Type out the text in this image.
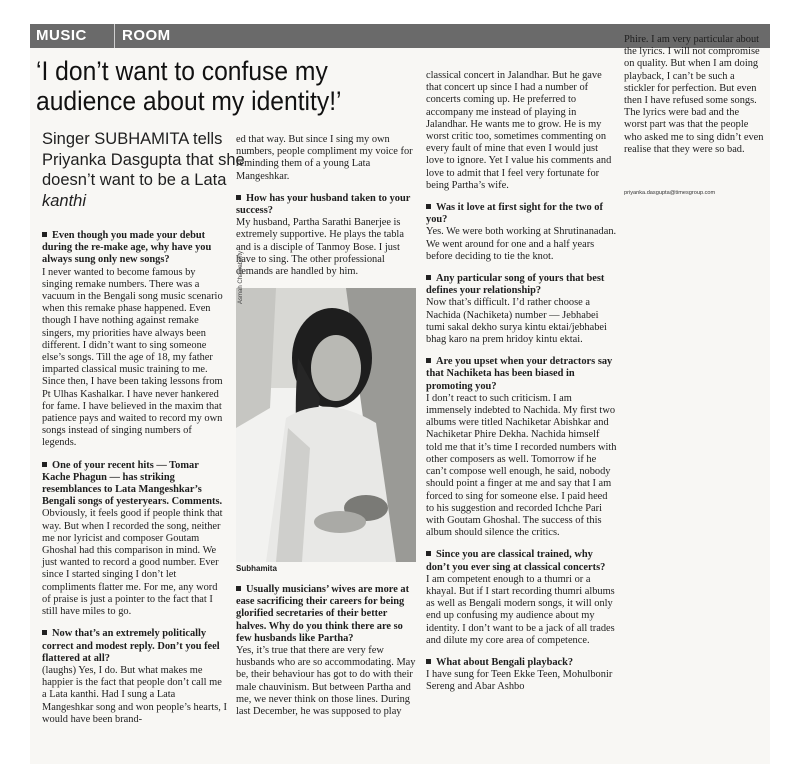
MUSIC ROOM
‘I don’t want to confuse my audience about my identity!’
Singer SUBHAMITA tells Priyanka Dasgupta that she doesn’t want to be a Lata kanthi

Even though you made your debut during the re-make age, why have you always sung only new songs?

I never wanted to become famous by singing remake numbers. There was a vacuum in the Bengali song music scenario when this remake phase happened. Even though I have nothing against remake singers, my priorities have always been different. I didn’t want to sing someone else’s songs. Till the age of 18, my father imparted classical music training to me. Since then, I have been taking lessons from Pt Ulhas Kashalkar. I have never hankered for fame. I have believed in the maxim that patience pays and waited to record my own songs instead of singing numbers of legends.

One of your recent hits — Tomar Kache Phagun — has striking resemblances to Lata Mangeshkar’s Bengali songs of yesteryears. Comments.

Obviously, it feels good if people think that way. But when I recorded the song, neither me nor lyricist and composer Goutam Ghoshal had this comparison in mind. We just wanted to record a good number. Ever since I started singing I don’t let compliments flatter me. For me, any word of praise is just a pointer to the fact that I still have miles to go.

Now that’s an extremely politically correct and modest reply. Don’t you feel flattered at all?

(laughs) Yes, I do. But what makes me happier is the fact that people don’t call me a Lata kanthi. Had I sung a Lata Mangeshkar song and won people’s hearts, I would have been brand-

ed that way. But since I sing my own numbers, people compliment my voice for reminding them of a young Lata Mangeshkar.

How has your husband taken to your success?

My husband, Partha Sarathi Banerjee is extremely supportive. He plays the tabla and is a disciple of Tanmoy Bose. I just have to sing. The other professional demands are handled by him.

Asmah Chakraborty
Subhamita

Usually musicians’ wives are more at ease sacrificing their careers for being glorified secretaries of their better halves. Why do you think there are so few husbands like Partha?

Yes, it’s true that there are very few husbands who are so accommodating. May be, their behaviour has got to do with their male chauvinism. But between Partha and me, we never think on those lines. During last December, he was supposed to play

classical concert in Jalandhar. But he gave that concert up since I had a number of concerts coming up. He preferred to accompany me instead of playing in Jalandhar. He wants me to grow. He is my worst critic too, sometimes commenting on every fault of mine that even I would just love to ignore. Yet I value his comments and love to admit that I feel very fortunate for being Partha’s wife.

Was it love at first sight for the two of you?

Yes. We were both working at Shrutinanadan. We went around for one and a half years before deciding to tie the knot.

Any particular song of yours that best defines your relationship?

Now that’s difficult. I’d rather choose a Nachida (Nachiketa) number — Jebhabei tumi sakal dekho surya kintu ektai/jebhabei bhag karo na prem hridoy kintu ektai.

Are you upset when your detractors say that Nachiketa has been biased in promoting you?

I don’t react to such criticism. I am immensely indebted to Nachida. My first two albums were titled Nachiketar Abishkar and Nachiketar Phire Dekha. Nachida himself told me that it’s time I recorded numbers with other composers as well. Tomorrow if he can’t compose well enough, he said, nobody should point a finger at me and say that I am forced to sing for someone else. I paid heed to his suggestion and recorded Ichche Pari with Goutam Ghoshal. The success of this album should silence the critics.

Since you are classical trained, why don’t you ever sing at classical concerts?

I am competent enough to a thumri or a khayal. But if I start recording thumri albums as well as Bengali modern songs, it will only end up confusing my audience about my identity. I don’t want to be a jack of all trades and dilute my core area of competence.

What about Bengali playback?

I have sung for Teen Ekke Teen, Mohulbonir Sereng and Abar Ashbo

Phire. I am very particular about the lyrics. I will not compromise on quality. But when I am doing playback, I can’t be such a stickler for perfection. But even then I have refused some songs. The lyrics were bad and the worst part was that the people who asked me to sing didn’t even realise that they were so bad.

priyanka.dasgupta@timesgroup.com
